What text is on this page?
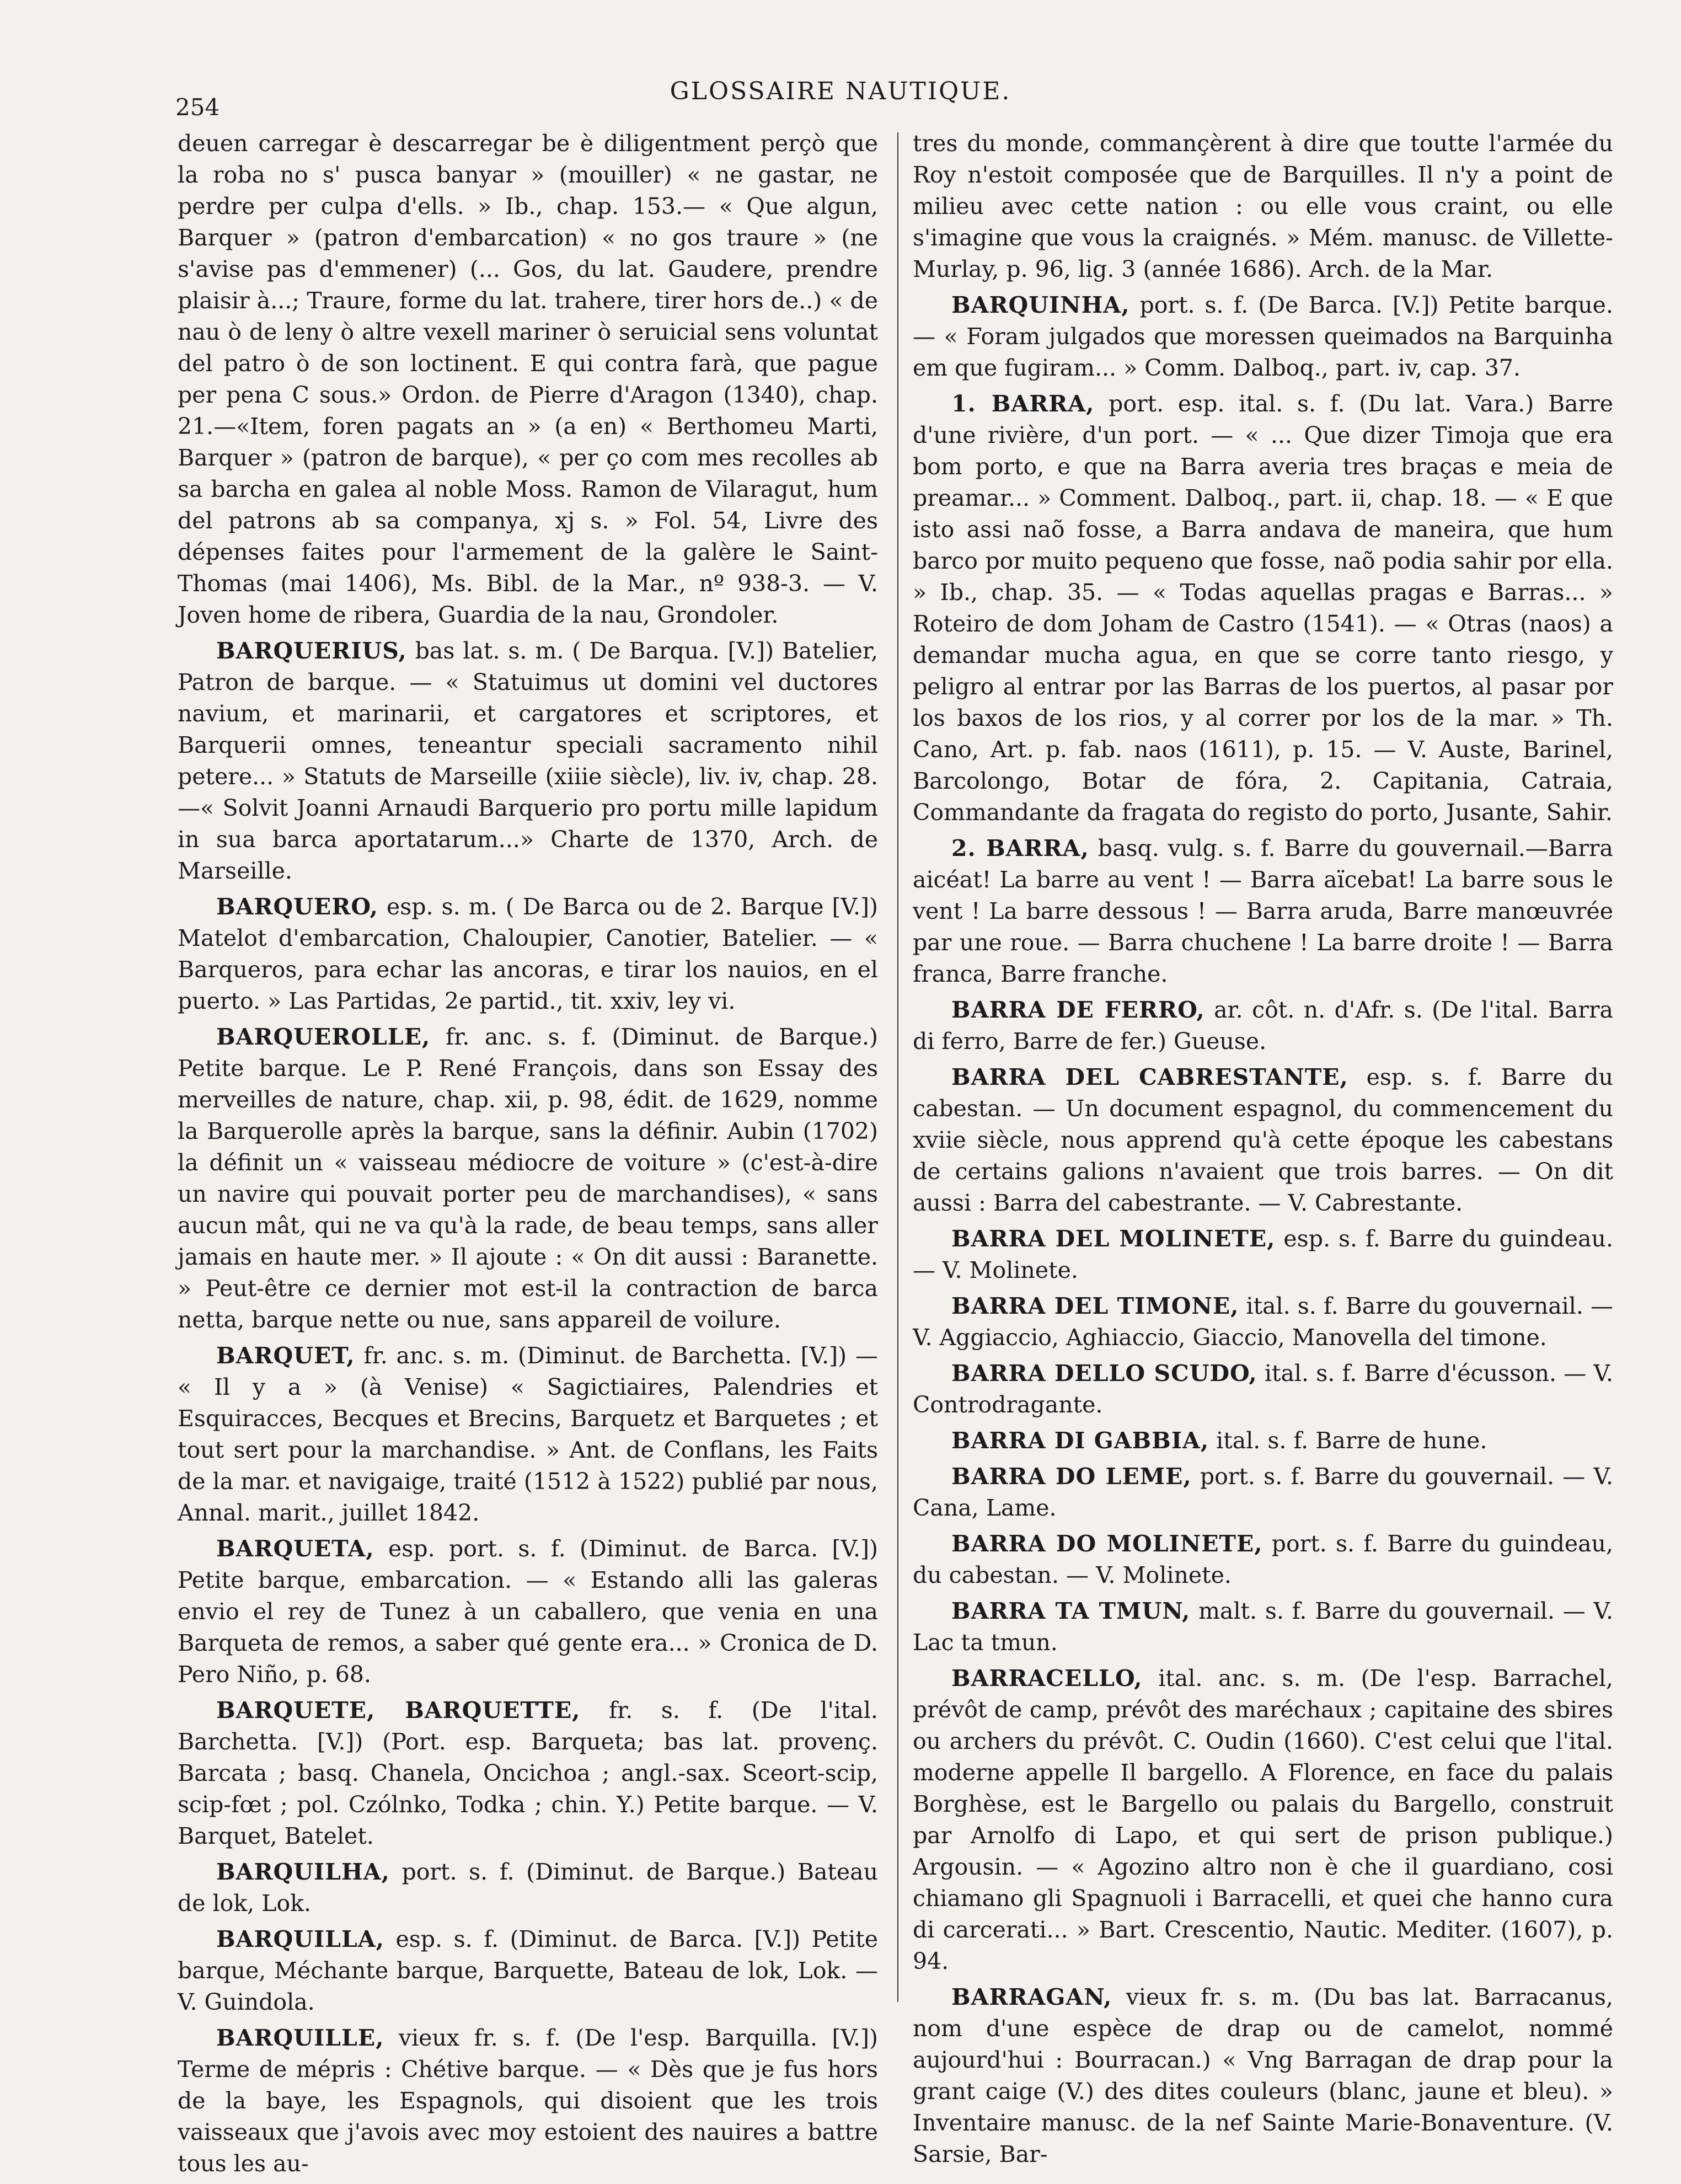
254
GLOSSAIRE NAUTIQUE.

deuen carregar è descarregar be è diligentment perçò que la roba no s' pusca banyar » (mouiller) « ne gastar, ne perdre per culpa d'ells. » Ib., chap. 153.— « Que algun, Barquer » (patron d'embarcation) « no gos traure » (ne s'avise pas d'emmener) (... Gos, du lat. Gaudere, prendre plaisir à...; Traure, forme du lat. trahere, tirer hors de..) « de nau ò de leny ò altre vexell mariner ò seruicial sens voluntat del patro ò de son loctinent. E qui contra farà, que pague per pena C sous.» Ordon. de Pierre d'Aragon (1340), chap. 21.—«Item, foren pagats an » (a en) « Berthomeu Marti, Barquer » (patron de barque), « per ço com mes recolles ab sa barcha en galea al noble Moss. Ramon de Vilaragut, hum del patrons ab sa companya, xj s. » Fol. 54, Livre des dépenses faites pour l'armement de la galère le Saint-Thomas (mai 1406), Ms. Bibl. de la Mar., nº 938-3. — V. Joven home de ribera, Guardia de la nau, Grondoler.

BARQUERIUS, bas lat. s. m. ( De Barqua. [V.]) Batelier, Patron de barque. — « Statuimus ut domini vel ductores navium, et marinarii, et cargatores et scriptores, et Barquerii omnes, teneantur speciali sacramento nihil petere... » Statuts de Marseille (xiiie siècle), liv. iv, chap. 28.—« Solvit Joanni Arnaudi Barquerio pro portu mille lapidum in sua barca aportatarum...» Charte de 1370, Arch. de Marseille.

BARQUERO, esp. s. m. ( De Barca ou de 2. Barque [V.]) Matelot d'embarcation, Chaloupier, Canotier, Batelier. — « Barqueros, para echar las ancoras, e tirar los nauios, en el puerto. » Las Partidas, 2e partid., tit. xxiv, ley vi.

BARQUEROLLE, fr. anc. s. f. (Diminut. de Barque.) Petite barque. Le P. René François, dans son Essay des merveilles de nature, chap. xii, p. 98, édit. de 1629, nomme la Barquerolle après la barque, sans la définir. Aubin (1702) la définit un « vaisseau médiocre de voiture » (c'est-à-dire un navire qui pouvait porter peu de marchandises), « sans aucun mât, qui ne va qu'à la rade, de beau temps, sans aller jamais en haute mer. » Il ajoute : « On dit aussi : Baranette. » Peut-être ce dernier mot est-il la contraction de barca netta, barque nette ou nue, sans appareil de voilure.

BARQUET, fr. anc. s. m. (Diminut. de Barchetta. [V.]) — « Il y a » (à Venise) « Sagictiaires, Palendries et Esquiracces, Becques et Brecins, Barquetz et Barquetes ; et tout sert pour la marchandise. » Ant. de Conflans, les Faits de la mar. et navigaige, traité (1512 à 1522) publié par nous, Annal. marit., juillet 1842.

BARQUETA, esp. port. s. f. (Diminut. de Barca. [V.]) Petite barque, embarcation. — « Estando alli las galeras envio el rey de Tunez à un caballero, que venia en una Barqueta de remos, a saber qué gente era... » Cronica de D. Pero Niño, p. 68.

BARQUETE, BARQUETTE, fr. s. f. (De l'ital. Barchetta. [V.]) (Port. esp. Barqueta; bas lat. provenç. Barcata ; basq. Chanela, Oncichoa ; angl.-sax. Sceort-scip, scip-fœt ; pol. Czólnko, Todka ; chin. Y.) Petite barque. — V. Barquet, Batelet.

BARQUILHA, port. s. f. (Diminut. de Barque.) Bateau de lok, Lok.

BARQUILLA, esp. s. f. (Diminut. de Barca. [V.]) Petite barque, Méchante barque, Barquette, Bateau de lok, Lok. — V. Guindola.

BARQUILLE, vieux fr. s. f. (De l'esp. Barquilla. [V.]) Terme de mépris : Chétive barque. — « Dès que je fus hors de la baye, les Espagnols, qui disoient que les trois vaisseaux que j'avois avec moy estoient des nauires a battre tous les au-

tres du monde, commançèrent à dire que toutte l'armée du Roy n'estoit composée que de Barquilles. Il n'y a point de milieu avec cette nation : ou elle vous craint, ou elle s'imagine que vous la craignés. » Mém. manusc. de Villette-Murlay, p. 96, lig. 3 (année 1686). Arch. de la Mar.

BARQUINHA, port. s. f. (De Barca. [V.]) Petite barque. — « Foram julgados que moressen queimados na Barquinha em que fugiram... » Comm. Dalboq., part. iv, cap. 37.

1. BARRA, port. esp. ital. s. f. (Du lat. Vara.) Barre d'une rivière, d'un port. — « ... Que dizer Timoja que era bom porto, e que na Barra averia tres braças e meia de preamar... » Comment. Dalboq., part. ii, chap. 18. — « E que isto assi naõ fosse, a Barra andava de maneira, que hum barco por muito pequeno que fosse, naõ podia sahir por ella. » Ib., chap. 35. — « Todas aquellas pragas e Barras... » Roteiro de dom Joham de Castro (1541). — « Otras (naos) a demandar mucha agua, en que se corre tanto riesgo, y peligro al entrar por las Barras de los puertos, al pasar por los baxos de los rios, y al correr por los de la mar. » Th. Cano, Art. p. fab. naos (1611), p. 15. — V. Auste, Barinel, Barcolongo, Botar de fóra, 2. Capitania, Catraia, Commandante da fragata do registo do porto, Jusante, Sahir.

2. BARRA, basq. vulg. s. f. Barre du gouvernail.—Barra aicéat! La barre au vent ! — Barra aïcebat! La barre sous le vent ! La barre dessous ! — Barra aruda, Barre manœuvrée par une roue. — Barra chuchene ! La barre droite ! — Barra franca, Barre franche.

BARRA DE FERRO, ar. côt. n. d'Afr. s. (De l'ital. Barra di ferro, Barre de fer.) Gueuse.

BARRA DEL CABRESTANTE, esp. s. f. Barre du cabestan. — Un document espagnol, du commencement du xviie siècle, nous apprend qu'à cette époque les cabestans de certains galions n'avaient que trois barres. — On dit aussi : Barra del cabestrante. — V. Cabrestante.

BARRA DEL MOLINETE, esp. s. f. Barre du guindeau. — V. Molinete.

BARRA DEL TIMONE, ital. s. f. Barre du gouvernail. — V. Aggiaccio, Aghiaccio, Giaccio, Manovella del timone.

BARRA DELLO SCUDO, ital. s. f. Barre d'écusson. — V. Controdragante.

BARRA DI GABBIA, ital. s. f. Barre de hune.

BARRA DO LEME, port. s. f. Barre du gouvernail. — V. Cana, Lame.

BARRA DO MOLINETE, port. s. f. Barre du guindeau, du cabestan. — V. Molinete.

BARRA TA TMUN, malt. s. f. Barre du gouvernail. — V. Lac ta tmun.

BARRACELLO, ital. anc. s. m. (De l'esp. Barrachel, prévôt de camp, prévôt des maréchaux ; capitaine des sbires ou archers du prévôt. C. Oudin (1660). C'est celui que l'ital. moderne appelle Il bargello. A Florence, en face du palais Borghèse, est le Bargello ou palais du Bargello, construit par Arnolfo di Lapo, et qui sert de prison publique.) Argousin. — « Agozino altro non è che il guardiano, cosi chiamano gli Spagnuoli i Barracelli, et quei che hanno cura di carcerati... » Bart. Crescentio, Nautic. Mediter. (1607), p. 94.

BARRAGAN, vieux fr. s. m. (Du bas lat. Barracanus, nom d'une espèce de drap ou de camelot, nommé aujourd'hui : Bourracan.) « Vng Barragan de drap pour la grant caige (V.) des dites couleurs (blanc, jaune et bleu). » Inventaire manusc. de la nef Sainte Marie-Bonaventure. (V. Sarsie, Bar-
